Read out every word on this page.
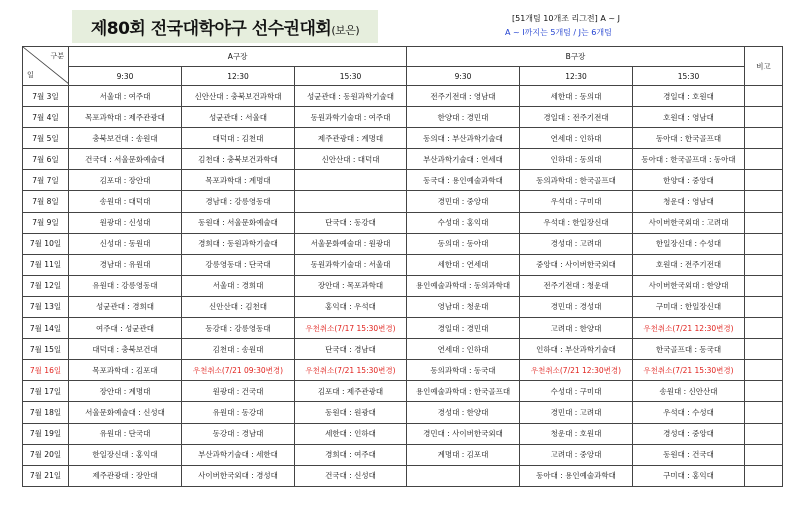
제80회 전국대학야구 선수권대회(보은)
[51개팀 10개조 리그전] A ~ J
A ~ I까지는 5개팀 / J는 6개팀
구분
일	A구장			B구장			비고
	9:30	12:30	15:30	9:30	12:30	15:30	
7월 3일	서울대 : 여주대	신안산대 : 충북보건과학대	성균관대 : 동원과학기술대	전주기전대 : 영남대	세한대 : 동의대	경일대 : 호원대	
7월 4일	목포과학대 : 제주관광대	성균관대 : 서울대	동원과학기술대 : 여주대	한양대 : 경민대	경일대 : 전주기전대	호원대 : 영남대	
7월 5일	충북보건대 : 송원대	대덕대 : 김천대	제주관광대 : 계명대	동의대 : 부산과학기술대	연세대 : 인하대	동아대 : 한국골프대	
7월 6일	건국대 : 서울문화예술대	김천대 : 충북보건과학대	신안산대 : 대덕대	부산과학기술대 : 연세대	인하대 : 동의대	동아대 : 한국골프대 : 동아대	
7월 7일	김포대 : 장안대	목포과학대 : 계명대		동국대 : 용인예술과학대	동의과학대 : 한국골프대	한양대 : 중앙대	
7월 8일	송원대 : 대덕대	경남대 : 강릉영동대		경민대 : 중앙대	우석대 : 구미대	청운대 : 영남대	
7월 9일	원광대 : 신성대	동원대 : 서울문화예술대	단국대 : 동강대	수성대 : 홍익대	우석대 : 한일장신대	사이버한국외대 : 고려대	
7월 10일	신성대 : 동원대	경희대 : 동원과학기술대	서울문화예술대 : 원광대	동의대 : 동아대	경성대 : 고려대	한일장신대 : 수성대	
7월 11일	경남대 : 유원대	강릉영동대 : 단국대	동원과학기술대 : 서울대	세한대 : 연세대	중앙대 : 사이버한국외대	호원대 : 전주기전대	
7월 12일	유원대 : 강릉영동대	서울대 : 경희대	장안대 : 목포과학대	용인예술과학대 : 동의과학대	전주기전대 : 청운대	사이버한국외대 : 한양대	
7월 13일	성균관대 : 경희대	신안산대 : 김천대	홍익대 : 우석대	영남대 : 청운대	경민대 : 경성대	구미대 : 한일장신대	
7월 14일	여주대 : 성균관대	동강대 : 강릉영동대	우천취소(7/17 15:30변경)	경일대 : 경민대	고려대 : 한양대	우천취소(7/21 12:30변경)	
7월 15일	대덕대 : 충북보건대	김천대 : 송원대	단국대 : 경남대	연세대 : 인하대	인하대 : 부산과학기술대	한국골프대 : 동국대	
7월 16일	목포과학대 : 김포대	우천취소(7/21 09:30변경)	우천취소(7/21 15:30변경)	동의과학대 : 동국대	우천취소(7/21 12:30변경)	우천취소(7/21 15:30변경)	
7월 17일	장안대 : 계명대	원광대 : 건국대	김포대 : 제주관광대	용인예술과학대 : 한국골프대	수성대 : 구미대	송원대 : 신안산대	
7월 18일	서울문화예술대 : 신성대	유원대 : 동강대	동원대 : 원광대	경성대 : 한양대	경민대 : 고려대	우석대 : 수성대	
7월 19일	유원대 : 단국대	동강대 : 경남대	세한대 : 인하대	경민대 : 사이버한국외대	청운대 : 호원대	경성대 : 중앙대	
7월 20일	한일장신대 : 홍익대	부산과학기술대 : 세한대	경희대 : 여주대	계명대 : 김포대	고려대 : 중앙대	동원대 : 건국대	
7월 21일	제주관광대 : 장안대	사이버한국외대 : 경성대	건국대 : 신성대		동아대 : 용인예술과학대	구미대 : 홍익대	
